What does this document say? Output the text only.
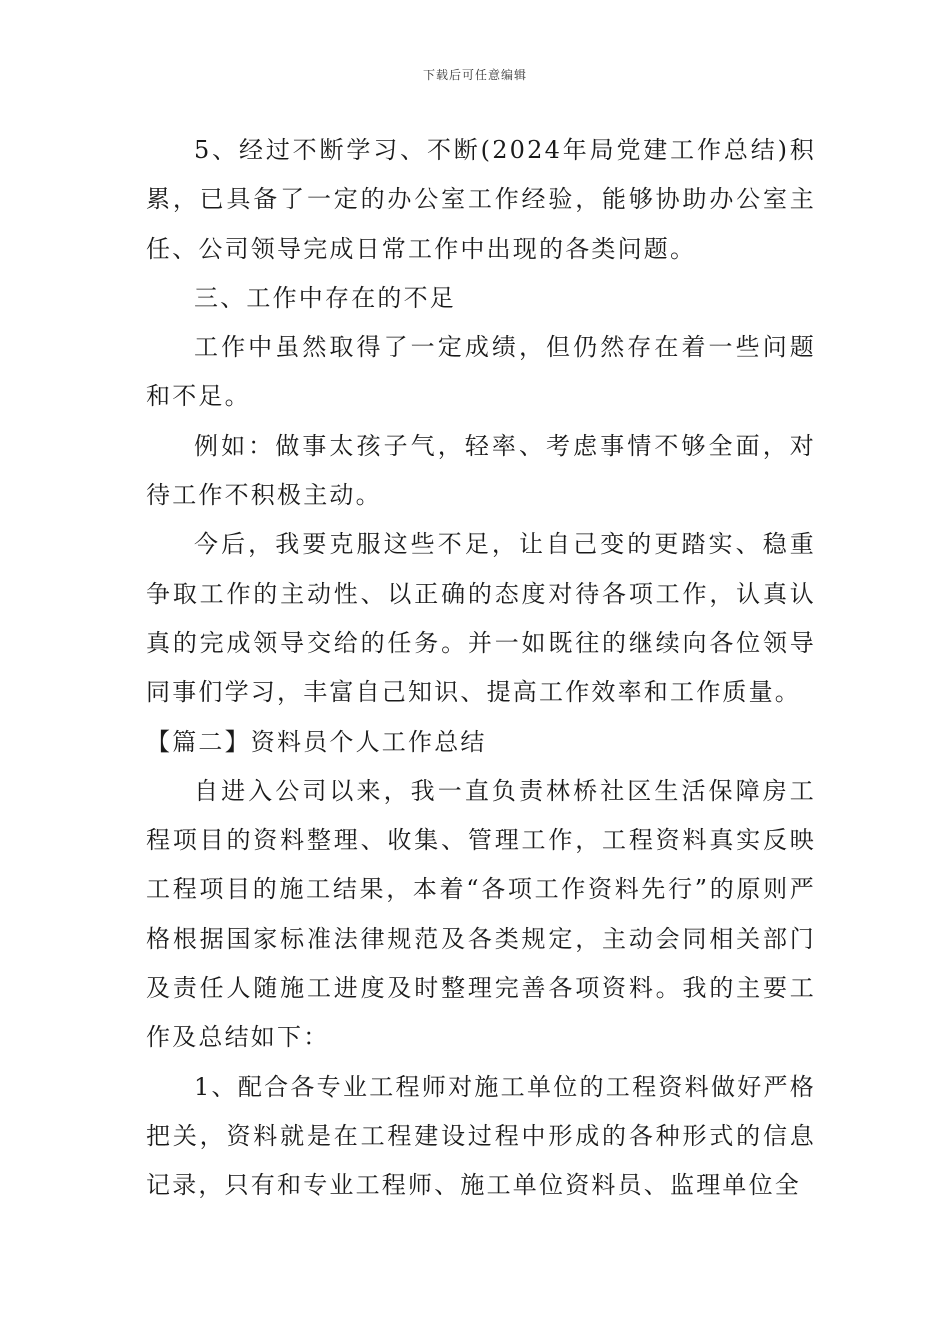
下载后可任意编辑

5、经过不断学习、不断(2024年局党建工作总结)积累，已具备了一定的办公室工作经验，能够协助办公室主任、公司领导完成日常工作中出现的各类问题。

三、工作中存在的不足

工作中虽然取得了一定成绩，但仍然存在着一些问题和不足。

例如：做事太孩子气，轻率、考虑事情不够全面，对待工作不积极主动。

今后，我要克服这些不足，让自己变的更踏实、稳重争取工作的主动性、以正确的态度对待各项工作，认真认真的完成领导交给的任务。并一如既往的继续向各位领导同事们学习，丰富自己知识、提高工作效率和工作质量。

【篇二】资料员个人工作总结

自进入公司以来，我一直负责林桥社区生活保障房工程项目的资料整理、收集、管理工作，工程资料真实反映工程项目的施工结果，本着“各项工作资料先行”的原则严格根据国家标准法律规范及各类规定，主动会同相关部门及责任人随施工进度及时整理完善各项资料。我的主要工作及总结如下：

1、配合各专业工程师对施工单位的工程资料做好严格把关，资料就是在工程建设过程中形成的各种形式的信息记录，只有和专业工程师、施工单位资料员、监理单位全
